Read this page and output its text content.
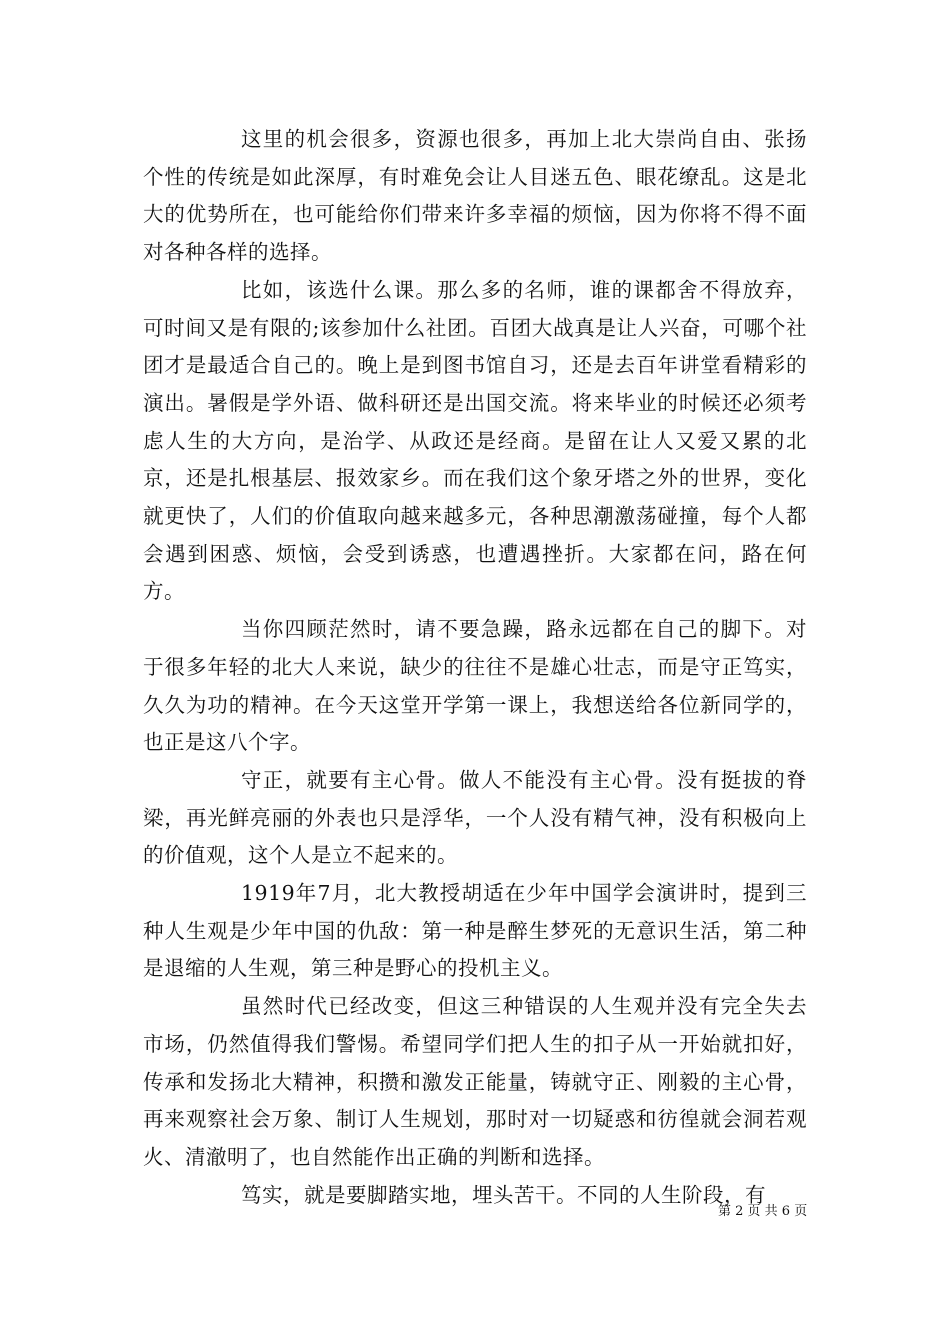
这里的机会很多，资源也很多，再加上北大崇尚自由、张扬个性的传统是如此深厚，有时难免会让人目迷五色、眼花缭乱。这是北大的优势所在，也可能给你们带来许多幸福的烦恼，因为你将不得不面对各种各样的选择。

比如，该选什么课。那么多的名师，谁的课都舍不得放弃，可时间又是有限的;该参加什么社团。百团大战真是让人兴奋，可哪个社团才是最适合自己的。晚上是到图书馆自习，还是去百年讲堂看精彩的演出。暑假是学外语、做科研还是出国交流。将来毕业的时候还必须考虑人生的大方向，是治学、从政还是经商。是留在让人又爱又累的北京，还是扎根基层、报效家乡。而在我们这个象牙塔之外的世界，变化就更快了，人们的价值取向越来越多元，各种思潮激荡碰撞，每个人都会遇到困惑、烦恼，会受到诱惑，也遭遇挫折。大家都在问，路在何方。

当你四顾茫然时，请不要急躁，路永远都在自己的脚下。对于很多年轻的北大人来说，缺少的往往不是雄心壮志，而是守正笃实，久久为功的精神。在今天这堂开学第一课上，我想送给各位新同学的，也正是这八个字。

守正，就要有主心骨。做人不能没有主心骨。没有挺拔的脊梁，再光鲜亮丽的外表也只是浮华，一个人没有精气神，没有积极向上的价值观，这个人是立不起来的。

1919年7月，北大教授胡适在少年中国学会演讲时，提到三种人生观是少年中国的仇敌：第一种是醉生梦死的无意识生活，第二种是退缩的人生观，第三种是野心的投机主义。

虽然时代已经改变，但这三种错误的人生观并没有完全失去市场，仍然值得我们警惕。希望同学们把人生的扣子从一开始就扣好，传承和发扬北大精神，积攒和激发正能量，铸就守正、刚毅的主心骨，再来观察社会万象、制订人生规划，那时对一切疑惑和彷徨就会洞若观火、清澈明了，也自然能作出正确的判断和选择。

笃实，就是要脚踏实地，埋头苦干。不同的人生阶段，有

第 2 页 共 6 页
